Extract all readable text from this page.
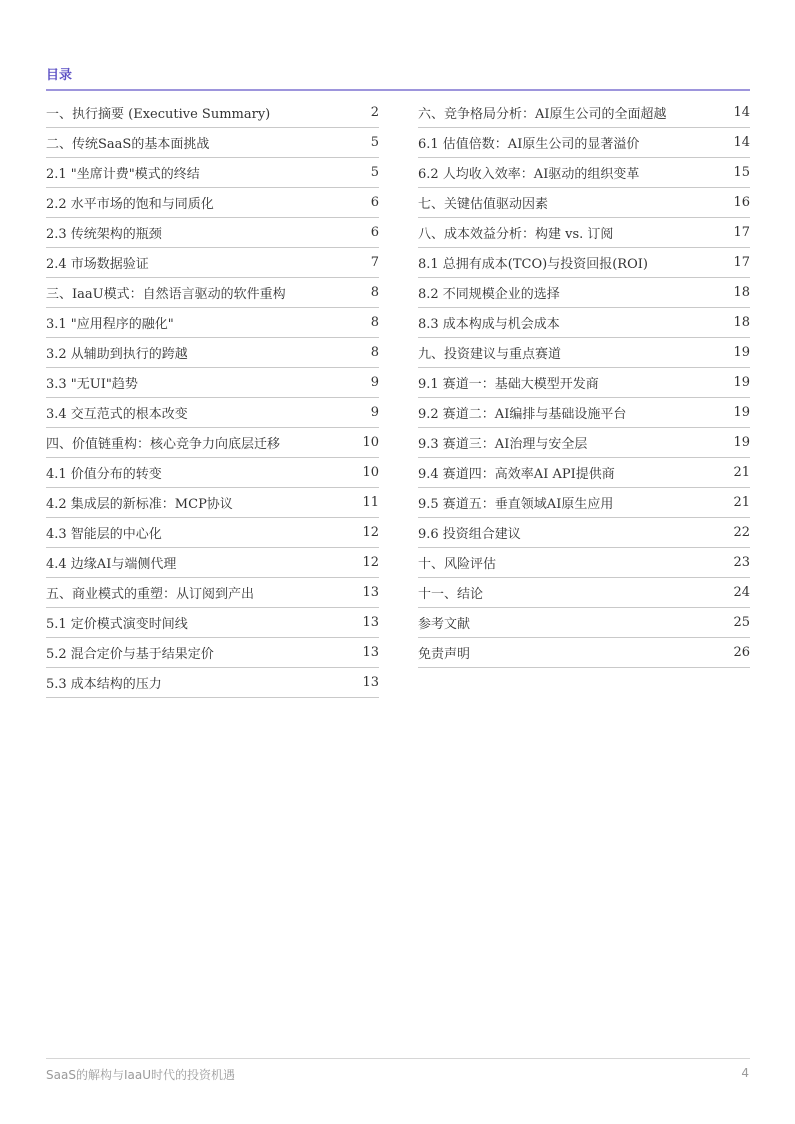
目录
一、执行摘要 (Executive Summary)	2
二、传统SaaS的基本面挑战	5
2.1 "坐席计费"模式的终结	5
2.2 水平市场的饱和与同质化	6
2.3 传统架构的瓶颈	6
2.4 市场数据验证	7
三、IaaU模式：自然语言驱动的软件重构	8
3.1 "应用程序的融化"	8
3.2 从辅助到执行的跨越	8
3.3 "无UI"趋势	9
3.4 交互范式的根本改变	9
四、价值链重构：核心竞争力向底层迁移	10
4.1 价值分布的转变	10
4.2 集成层的新标准：MCP协议	11
4.3 智能层的中心化	12
4.4 边缘AI与端侧代理	12
五、商业模式的重塑：从订阅到产出	13
5.1 定价模式演变时间线	13
5.2 混合定价与基于结果定价	13
5.3 成本结构的压力	13
六、竞争格局分析：AI原生公司的全面超越	14
6.1 估值倍数：AI原生公司的显著溢价	14
6.2 人均收入效率：AI驱动的组织变革	15
七、关键估值驱动因素	16
八、成本效益分析：构建 vs. 订阅	17
8.1 总拥有成本(TCO)与投资回报(ROI)	17
8.2 不同规模企业的选择	18
8.3 成本构成与机会成本	18
九、投资建议与重点赛道	19
9.1 赛道一：基础大模型开发商	19
9.2 赛道二：AI编排与基础设施平台	19
9.3 赛道三：AI治理与安全层	19
9.4 赛道四：高效率AI API提供商	21
9.5 赛道五：垂直领域AI原生应用	21
9.6 投资组合建议	22
十、风险评估	23
十一、结论	24
参考文献	25
免责声明	26
SaaS的解构与IaaU时代的投资机遇	4
